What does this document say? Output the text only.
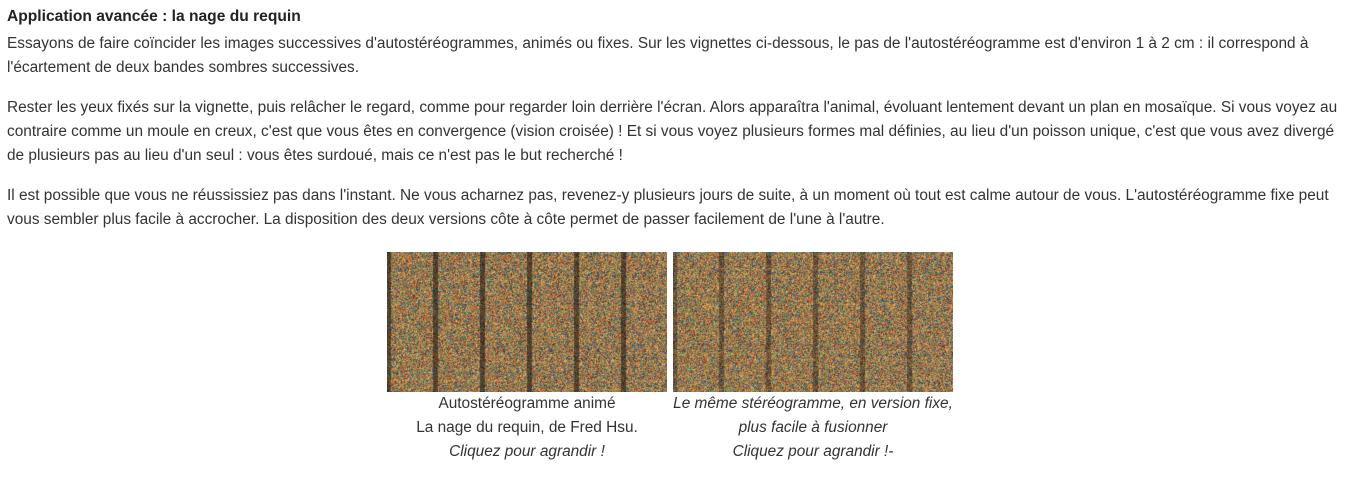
Application avancée : la nage du requin

Essayons de faire coïncider les images successives d'autostéréogrammes, animés ou fixes. Sur les vignettes ci-dessous, le pas de l'autostéréogramme est d'environ 1 à 2 cm : il correspond à l'écartement de deux bandes sombres successives.

Rester les yeux fixés sur la vignette, puis relâcher le regard, comme pour regarder loin derrière l'écran. Alors apparaîtra l'animal, évoluant lentement devant un plan en mosaïque. Si vous voyez au contraire comme un moule en creux, c'est que vous êtes en convergence (vision croisée) ! Et si vous voyez plusieurs formes mal définies, au lieu d'un poisson unique, c'est que vous avez divergé de plusieurs pas au lieu d'un seul : vous êtes surdoué, mais ce n'est pas le but recherché !

Il est possible que vous ne réussissiez pas dans l'instant. Ne vous acharnez pas, revenez-y plusieurs jours de suite, à un moment où tout est calme autour de vous. L'autostéréogramme fixe peut vous sembler plus facile à accrocher. La disposition des deux versions côte à côte permet de passer facilement de l'une à l'autre.

Autostéréogramme animé
La nage du requin, de Fred Hsu.
Cliquez pour agrandir !
Le même stéréogramme, en version fixe,
plus facile à fusionner
Cliquez pour agrandir !-
